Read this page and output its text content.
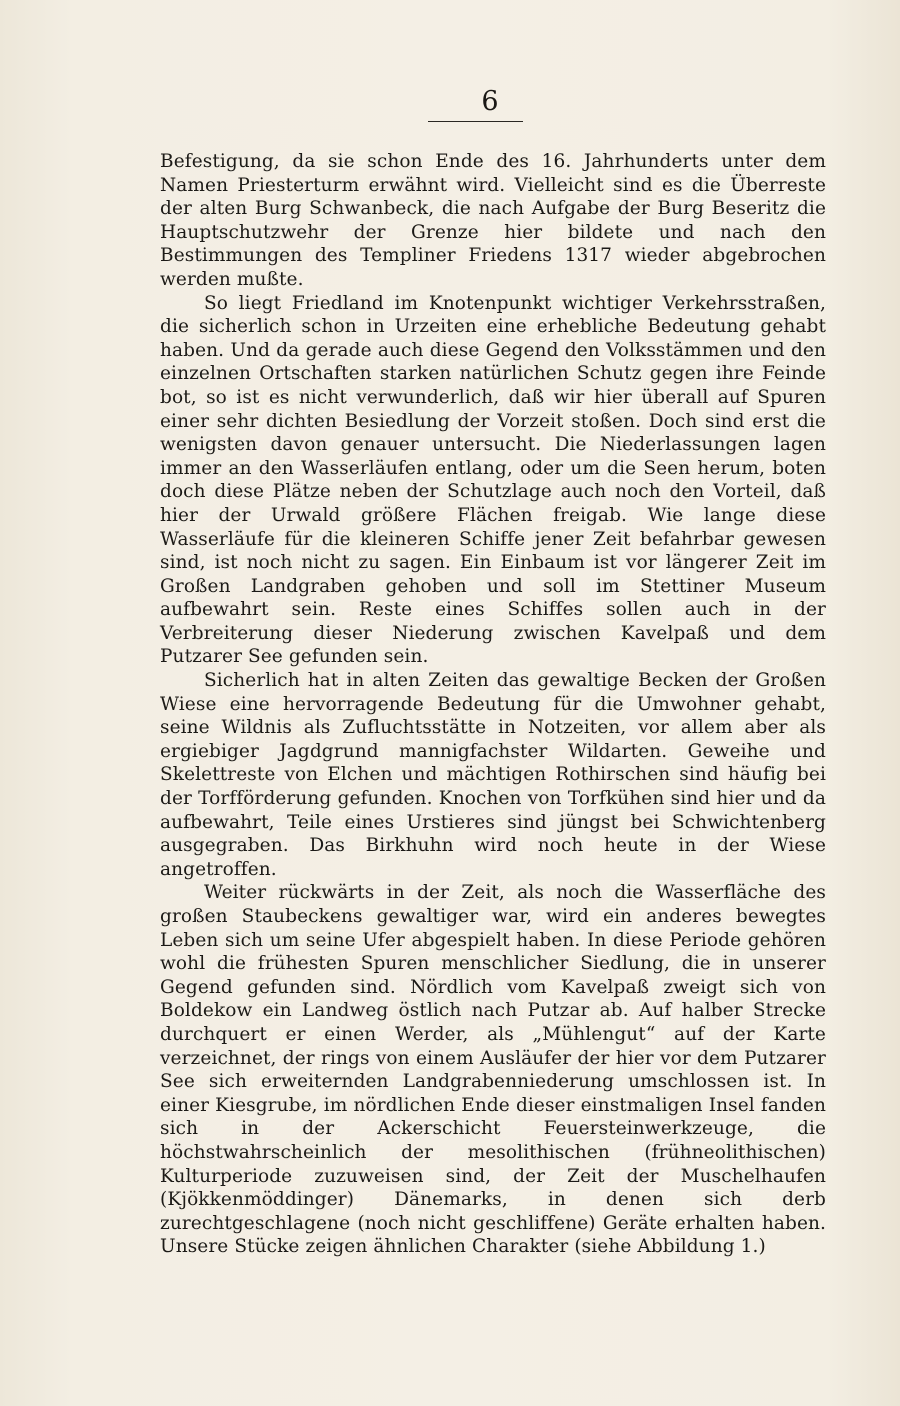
6

Befestigung, da sie schon Ende des 16. Jahrhunderts unter dem Namen Priesterturm erwähnt wird. Vielleicht sind es die Überreste der alten Burg Schwanbeck, die nach Aufgabe der Burg Beseritz die Hauptschutzwehr der Grenze hier bildete und nach den Bestimmungen des Templiner Friedens 1317 wieder abgebrochen werden mußte.

So liegt Friedland im Knotenpunkt wichtiger Verkehrsstraßen, die sicherlich schon in Urzeiten eine erhebliche Bedeutung gehabt haben. Und da gerade auch diese Gegend den Volksstämmen und den einzelnen Ortschaften starken natürlichen Schutz gegen ihre Feinde bot, so ist es nicht verwunderlich, daß wir hier überall auf Spuren einer sehr dichten Besiedlung der Vorzeit stoßen. Doch sind erst die wenigsten davon genauer untersucht. Die Niederlassungen lagen immer an den Wasserläufen entlang, oder um die Seen herum, boten doch diese Plätze neben der Schutzlage auch noch den Vorteil, daß hier der Urwald größere Flächen freigab. Wie lange diese Wasserläufe für die kleineren Schiffe jener Zeit befahrbar gewesen sind, ist noch nicht zu sagen. Ein Einbaum ist vor längerer Zeit im Großen Landgraben gehoben und soll im Stettiner Museum aufbewahrt sein. Reste eines Schiffes sollen auch in der Verbreiterung dieser Niederung zwischen Kavelpaß und dem Putzarer See gefunden sein.

Sicherlich hat in alten Zeiten das gewaltige Becken der Großen Wiese eine hervorragende Bedeutung für die Umwohner gehabt, seine Wildnis als Zufluchtsstätte in Notzeiten, vor allem aber als ergiebiger Jagdgrund mannigfachster Wildarten. Geweihe und Skelettreste von Elchen und mächtigen Rothirschen sind häufig bei der Torfförderung gefunden. Knochen von Torfkühen sind hier und da aufbewahrt, Teile eines Urstieres sind jüngst bei Schwichtenberg ausgegraben. Das Birkhuhn wird noch heute in der Wiese angetroffen.

Weiter rückwärts in der Zeit, als noch die Wasserfläche des großen Staubeckens gewaltiger war, wird ein anderes bewegtes Leben sich um seine Ufer abgespielt haben. In diese Periode gehören wohl die frühesten Spuren menschlicher Siedlung, die in unserer Gegend gefunden sind. Nördlich vom Kavelpaß zweigt sich von Boldekow ein Landweg östlich nach Putzar ab. Auf halber Strecke durchquert er einen Werder, als „Mühlengut“ auf der Karte verzeichnet, der rings von einem Ausläufer der hier vor dem Putzarer See sich erweiternden Landgrabenniederung umschlossen ist. In einer Kiesgrube, im nördlichen Ende dieser einstmaligen Insel fanden sich in der Ackerschicht Feuersteinwerkzeuge, die höchstwahrscheinlich der mesolithischen (frühneolithischen) Kulturperiode zuzuweisen sind, der Zeit der Muschelhaufen (Kjökkenmöddinger) Dänemarks, in denen sich derb zurechtgeschlagene (noch nicht geschliffene) Geräte erhalten haben. Unsere Stücke zeigen ähnlichen Charakter (siehe Abbildung 1.)
